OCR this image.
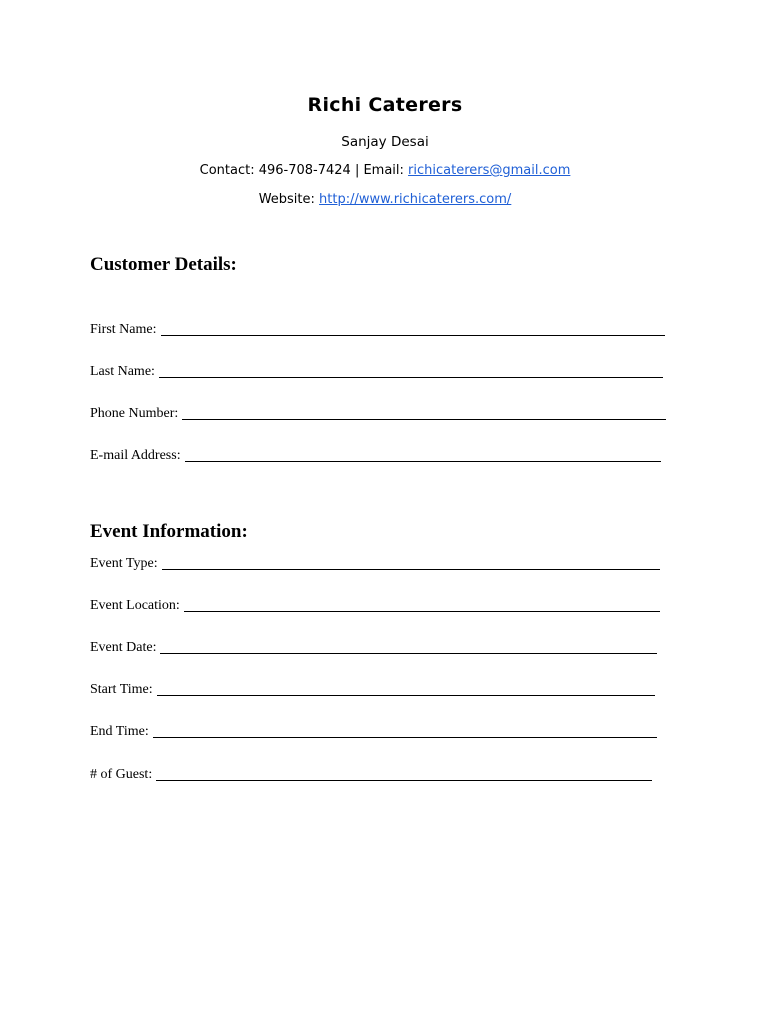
Richi Caterers
Sanjay Desai
Contact: 496-708-7424 | Email: richicaterers@gmail.com
Website: http://www.richicaterers.com/
Customer Details:
First Name:
Last Name:
Phone Number:
E-mail Address:
Event Information:
Event Type:
Event Location:
Event Date:
Start Time:
End Time:
# of Guest:
